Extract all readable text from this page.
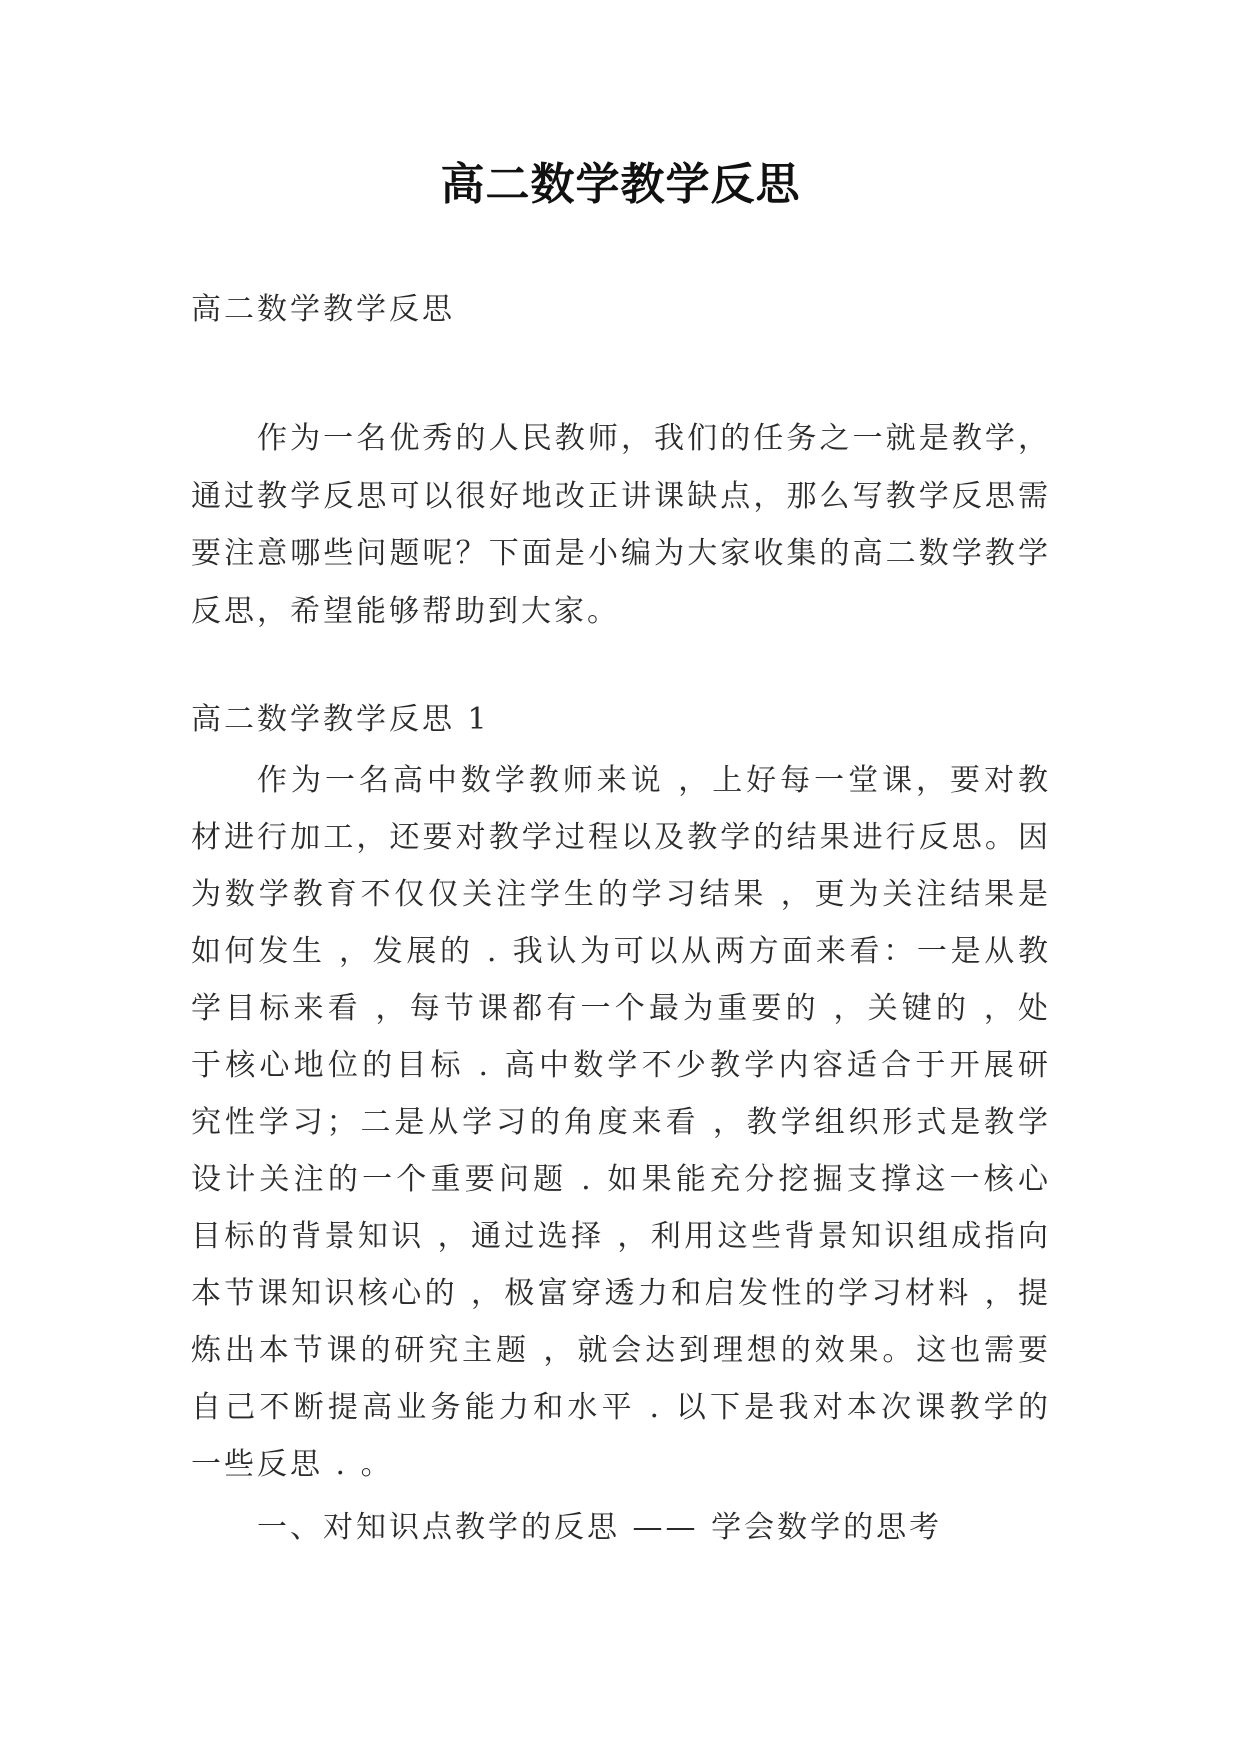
高二数学教学反思
高二数学教学反思
作为一名优秀的人民教师，我们的任务之一就是教学，通过教学反思可以很好地改正讲课缺点，那么写教学反思需要注意哪些问题呢？下面是小编为大家收集的高二数学教学反思，希望能够帮助到大家。
高二数学教学反思 1
作为一名高中数学教师来说 ，上好每一堂课，要对教材进行加工，还要对教学过程以及教学的结果进行反思。因为数学教育不仅仅关注学生的学习结果 ，更为关注结果是如何发生 ，发展的 . 我认为可以从两方面来看：一是从教学目标来看 ，每节课都有一个最为重要的 ，关键的 ，处于核心地位的目标 . 高中数学不少教学内容适合于开展研究性学习；二是从学习的角度来看 ，教学组织形式是教学设计关注的一个重要问题 . 如果能充分挖掘支撑这一核心目标的背景知识 ，通过选择 ，利用这些背景知识组成指向本节课知识核心的 ，极富穿透力和启发性的学习材料 ，提炼出本节课的研究主题 ，就会达到理想的效果。这也需要自己不断提高业务能力和水平 . 以下是我对本次课教学的一些反思 . 。
一、对知识点教学的反思 —— 学会数学的思考
